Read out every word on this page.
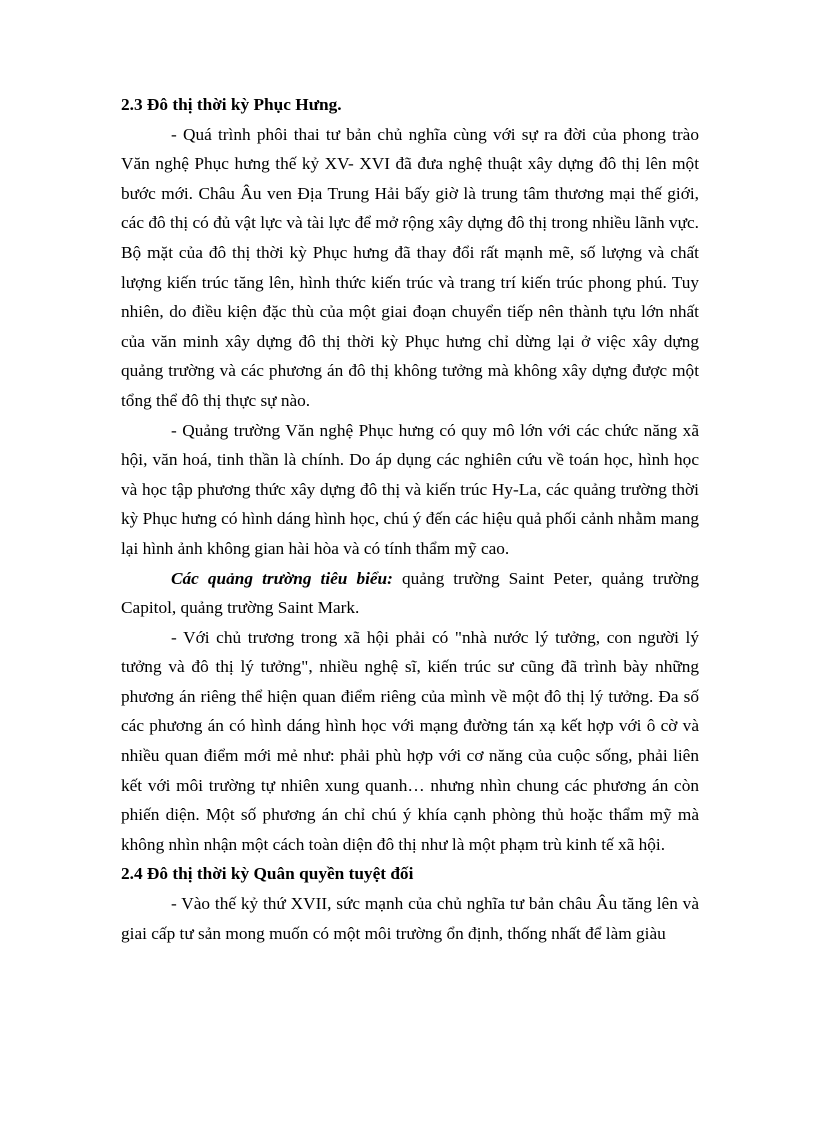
2.3 Đô thị thời kỳ Phục Hưng.

- Quá trình phôi thai tư bản chủ nghĩa cùng với sự ra đời của phong trào Văn nghệ Phục hưng thế kỷ XV- XVI đã đưa nghệ thuật xây dựng đô thị lên một bước mới. Châu Âu ven Địa Trung Hải bấy giờ là trung tâm thương mại thế giới, các đô thị có đủ vật lực và tài lực để mở rộng xây dựng đô thị trong nhiều lãnh vực. Bộ mặt của đô thị thời kỳ Phục hưng đã thay đổi rất mạnh mẽ, số lượng và chất lượng kiến trúc tăng lên, hình thức kiến trúc và trang trí kiến trúc phong phú. Tuy nhiên, do điều kiện đặc thù của một giai đoạn chuyển tiếp nên thành tựu lớn nhất của văn minh xây dựng đô thị thời kỳ Phục hưng chỉ dừng lại ở việc xây dựng quảng trường và các phương án đô thị không tưởng mà không xây dựng được một tổng thể đô thị thực sự nào.

- Quảng trường Văn nghệ Phục hưng có quy mô lớn với các chức năng xã hội, văn hoá, tinh thần là chính. Do áp dụng các nghiên cứu về toán học, hình học và học tập phương thức xây dựng đô thị và kiến trúc Hy-La, các quảng trường thời kỳ Phục hưng có hình dáng hình học, chú ý đến các hiệu quả phối cảnh nhằm mang lại hình ảnh không gian hài hòa và có tính thẩm mỹ cao.

Các quảng trường tiêu biểu: quảng trường Saint Peter, quảng trường Capitol, quảng trường Saint Mark.

- Với chủ trương trong xã hội phải có "nhà nước lý tưởng, con người lý tưởng và đô thị lý tưởng", nhiều nghệ sĩ, kiến trúc sư cũng đã trình bày những phương án riêng thể hiện quan điểm riêng của mình về một đô thị lý tưởng. Đa số các phương án có hình dáng hình học với mạng đường tán xạ kết hợp với ô cờ và nhiều quan điểm mới mẻ như: phải phù hợp với cơ năng của cuộc sống, phải liên kết với môi trường tự nhiên xung quanh… nhưng nhìn chung các phương án còn phiến diện. Một số phương án chỉ chú ý khía cạnh phòng thủ hoặc thẩm mỹ mà không nhìn nhận một cách toàn diện đô thị như là một phạm trù kinh tế xã hội.

2.4 Đô thị thời kỳ Quân quyền tuyệt đối

- Vào thế kỷ thứ XVII, sức mạnh của chủ nghĩa tư bản châu Âu tăng lên và giai cấp tư sản mong muốn có một môi trường ổn định, thống nhất để làm giàu
